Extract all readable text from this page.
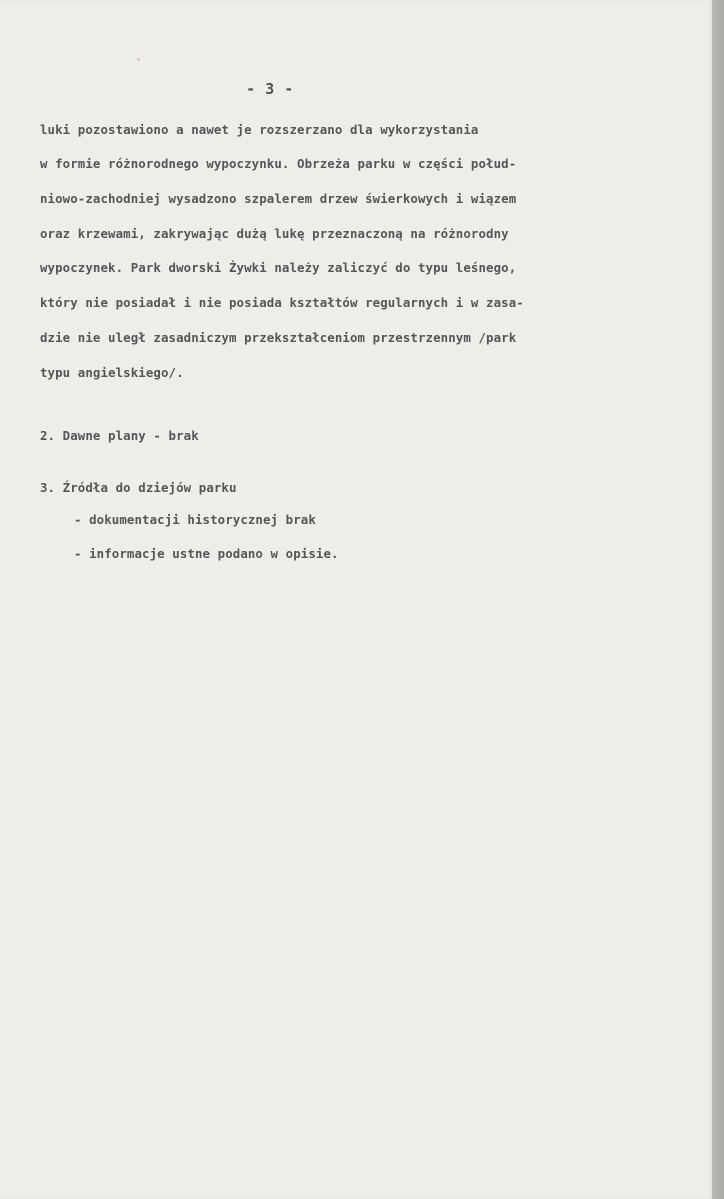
- 3 -

luki pozostawiono a nawet je rozszerzano dla wykorzystania

w formie różnorodnego wypoczynku. Obrzeża parku w części połud-

niowo-zachodniej wysadzono szpalerem drzew świerkowych i wiązem

oraz krzewami, zakrywając dużą lukę przeznaczoną na różnorodny

wypoczynek. Park dworski Żywki należy zaliczyć do typu leśnego,

który nie posiadał i nie posiada kształtów regularnych i w zasa-

dzie nie uległ zasadniczym przekształceniom przestrzennym /park

typu angielskiego/.

2. Dawne plany - brak

3. Źródła do dziejów parku

- dokumentacji historycznej brak

- informacje ustne podano w opisie.
